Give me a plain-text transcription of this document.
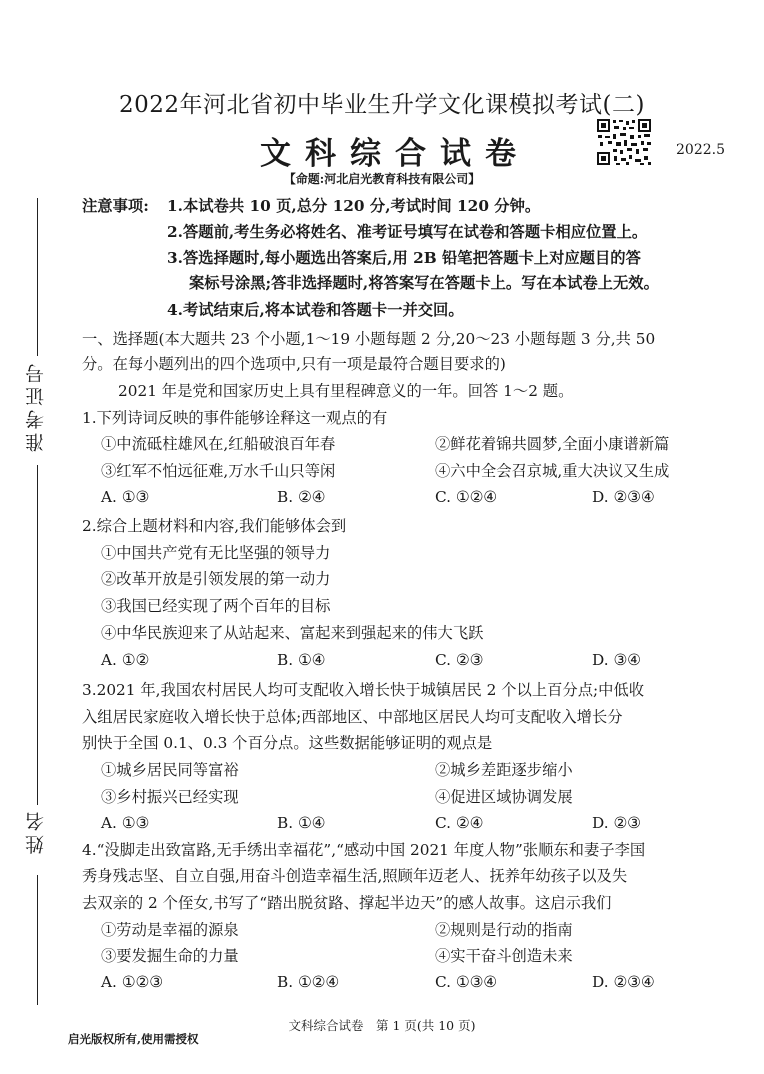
2022年河北省初中毕业生升学文化课模拟考试(二)
文科综合试卷	2022.5
【命题:河北启光教育科技有限公司】
准考证号
姓名
注意事项: 1.本试卷共 10 页,总分 120 分,考试时间 120 分钟。
2.答题前,考生务必将姓名、准考证号填写在试卷和答题卡相应位置上。
3.答选择题时,每小题选出答案后,用 2B 铅笔把答题卡上对应题目的答
案标号涂黑;答非选择题时,将答案写在答题卡上。写在本试卷上无效。
4.考试结束后,将本试卷和答题卡一并交回。
一、选择题(本大题共 23 个小题,1～19 小题每题 2 分,20～23 小题每题 3 分,共 50
分。在每小题列出的四个选项中,只有一项是最符合题目要求的)
2021 年是党和国家历史上具有里程碑意义的一年。回答 1～2 题。
1.下列诗词反映的事件能够诠释这一观点的有
①中流砥柱雄风在,红船破浪百年春	②鲜花着锦共圆梦,全面小康谱新篇
③红军不怕远征难,万水千山只等闲	④六中全会召京城,重大决议又生成
A. ①③	B. ②④	C. ①②④	D. ②③④
2.综合上题材料和内容,我们能够体会到
①中国共产党有无比坚强的领导力
②改革开放是引领发展的第一动力
③我国已经实现了两个百年的目标
④中华民族迎来了从站起来、富起来到强起来的伟大飞跃
A. ①②	B. ①④	C. ②③	D. ③④
3.2021 年,我国农村居民人均可支配收入增长快于城镇居民 2 个以上百分点;中低收
入组居民家庭收入增长快于总体;西部地区、中部地区居民人均可支配收入增长分
别快于全国 0.1、0.3 个百分点。这些数据能够证明的观点是
①城乡居民同等富裕	②城乡差距逐步缩小
③乡村振兴已经实现	④促进区域协调发展
A. ①③	B. ①④	C. ②④	D. ②③
4.“没脚走出致富路,无手绣出幸福花”,“感动中国 2021 年度人物”张顺东和妻子李国
秀身残志坚、自立自强,用奋斗创造幸福生活,照顾年迈老人、抚养年幼孩子以及失
去双亲的 2 个侄女,书写了“踏出脱贫路、撑起半边天”的感人故事。这启示我们
①劳动是幸福的源泉	②规则是行动的指南
③要发掘生命的力量	④实干奋斗创造未来
A. ①②③	B. ①②④	C. ①③④	D. ②③④
文科综合试卷　第 1 页(共 10 页)
启光版权所有,使用需授权
